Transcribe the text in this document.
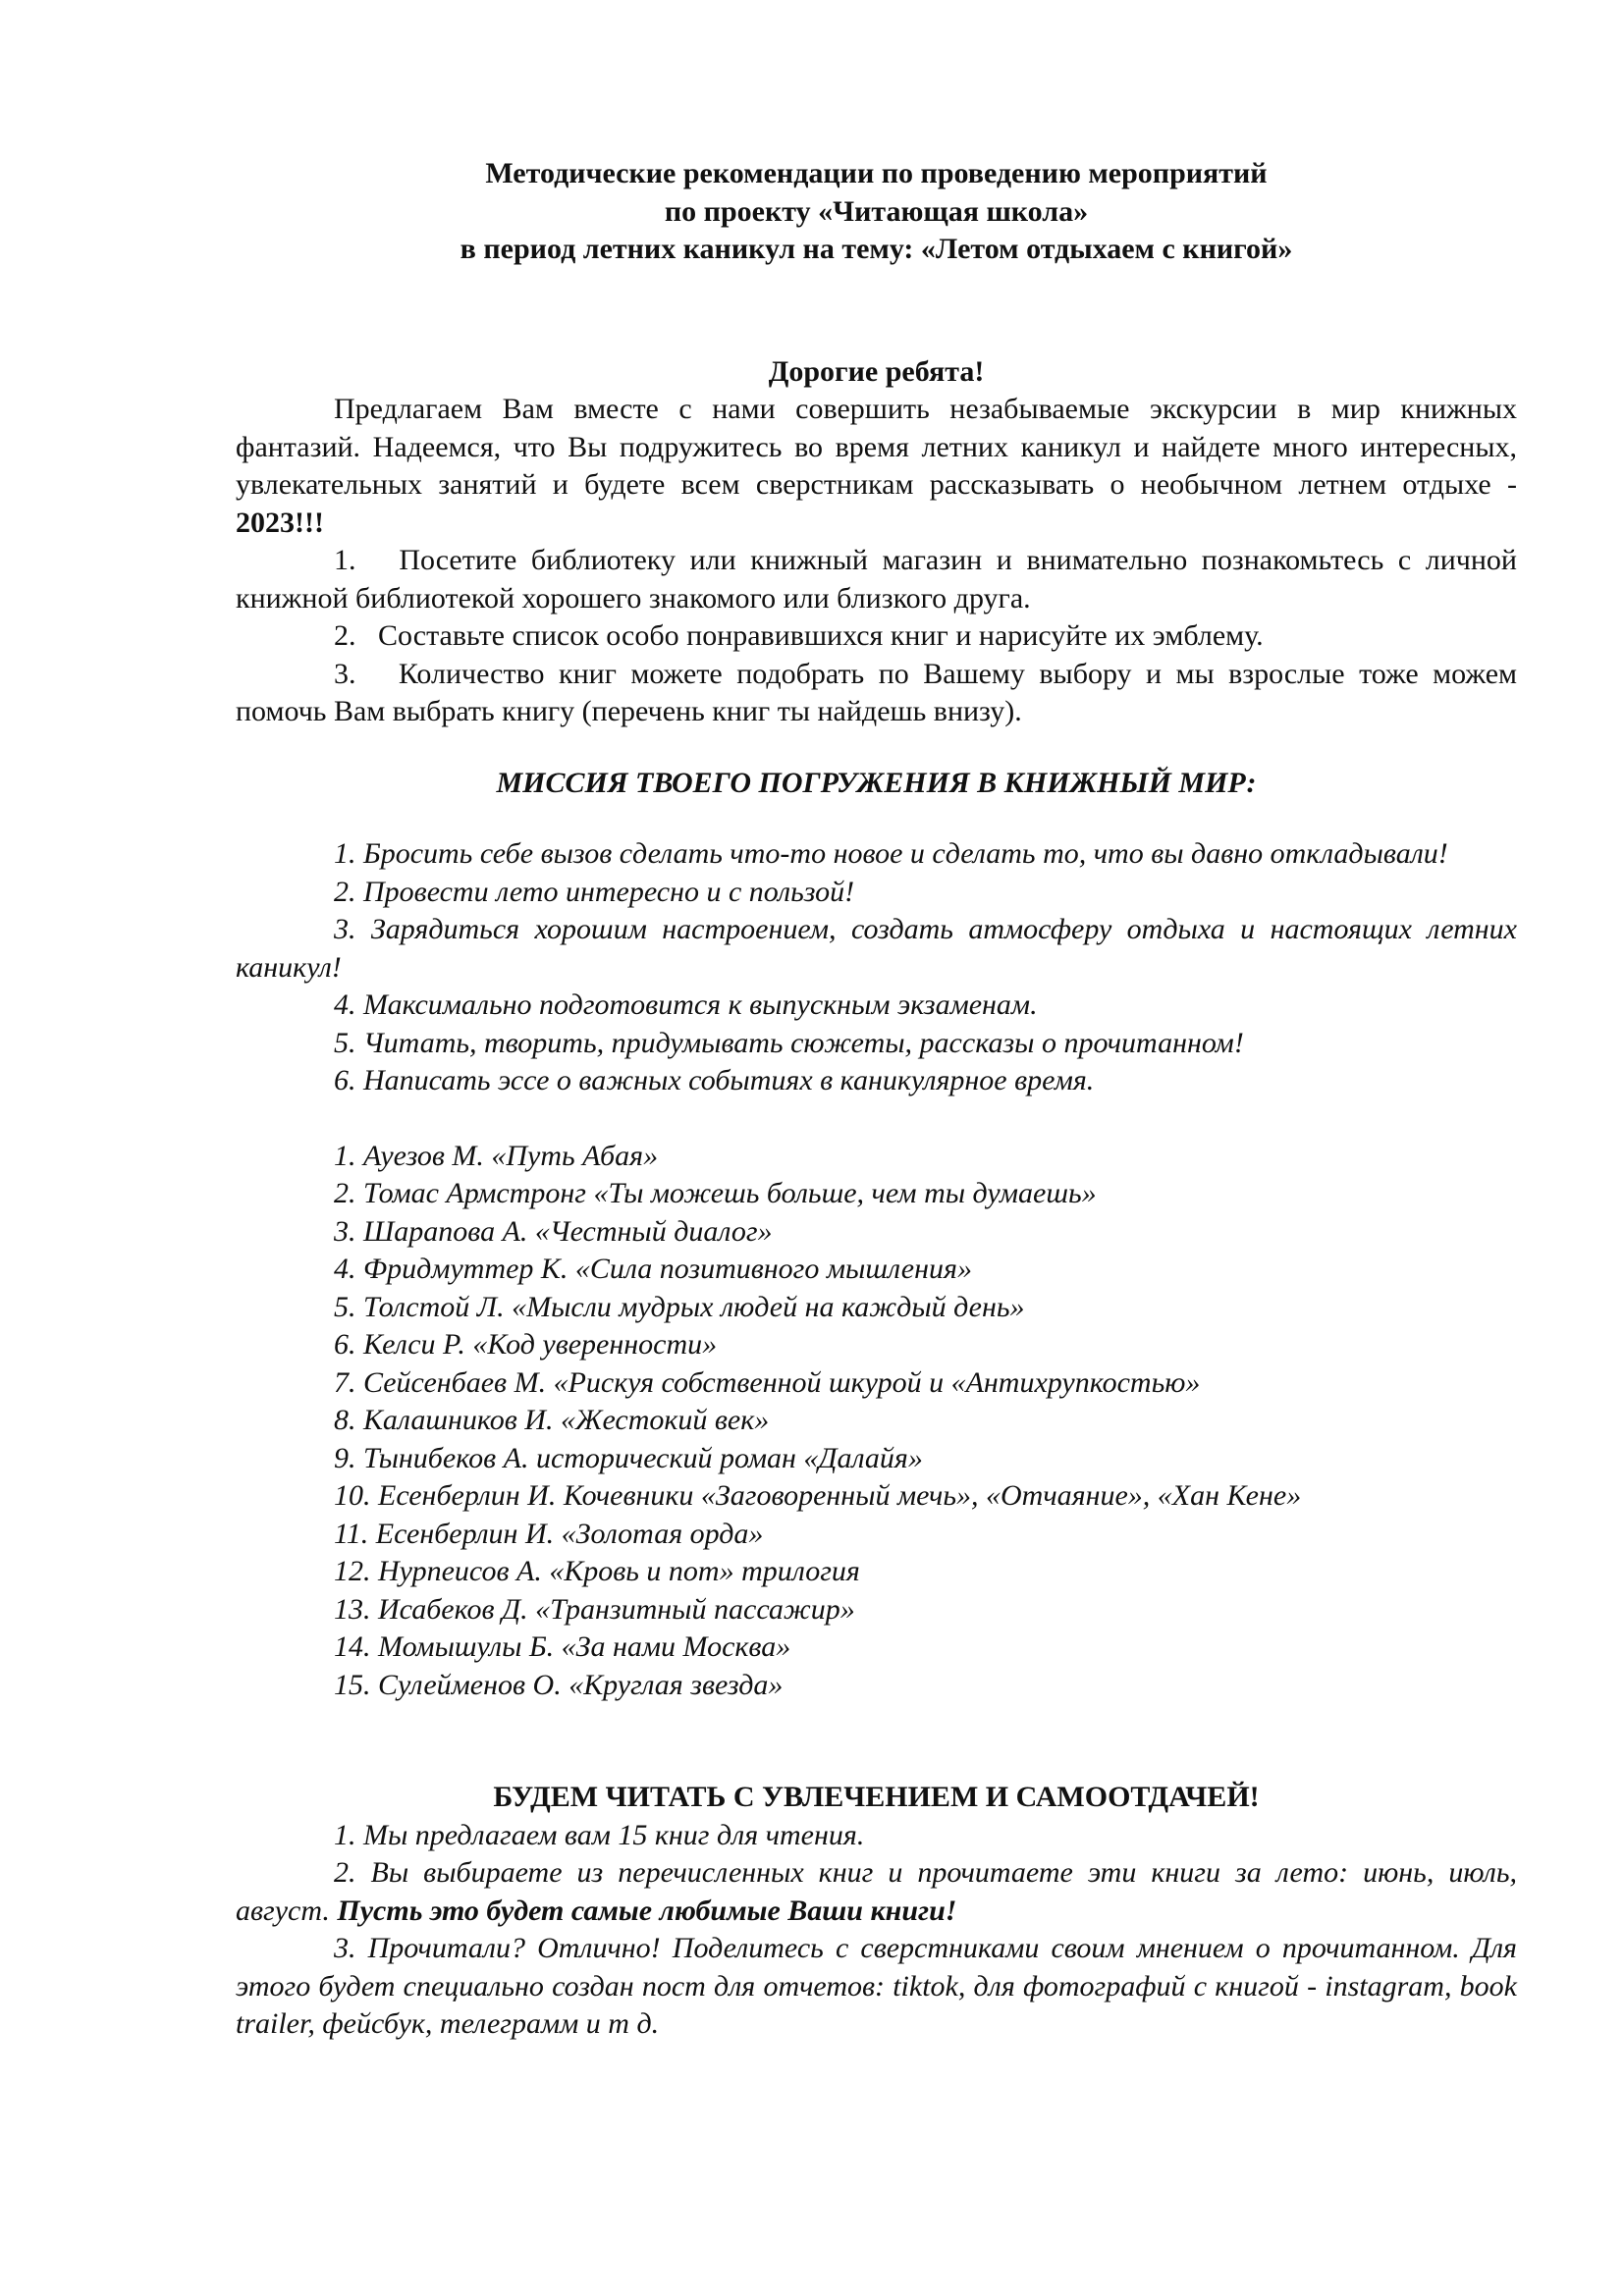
Методические рекомендации по проведению мероприятий

по проекту «Читающая школа»

в период летних каникул на тему: «Летом отдыхаем с книгой»

Дорогие ребята!

Предлагаем Вам вместе с нами совершить незабываемые экскурсии в мир книжных фантазий. Надеемся, что Вы подружитесь во время летних каникул и найдете много интересных, увлекательных занятий и будете всем сверстникам рассказывать о необычном летнем отдыхе - 2023!!!

1. Посетите библиотеку или книжный магазин и внимательно познакомьтесь с личной книжной библиотекой хорошего знакомого или близкого друга.

2. Составьте список особо понравившихся книг и нарисуйте их эмблему.

3. Количество книг можете подобрать по Вашему выбору и мы взрослые тоже можем помочь Вам выбрать книгу (перечень книг ты найдешь внизу).

МИССИЯ ТВОЕГО ПОГРУЖЕНИЯ В КНИЖНЫЙ МИР:

1. Бросить себе вызов сделать что-то новое и сделать то, что вы давно откладывали!

2. Провести лето интересно и с пользой!

3. Зарядиться хорошим настроением, создать атмосферу отдыха и настоящих летних каникул!

4. Максимально подготовится к выпускным экзаменам.

5. Читать, творить, придумывать сюжеты, рассказы о прочитанном!

6. Написать эссе о важных событиях в каникулярное время.

1. Ауезов М. «Путь Абая»
2. Томас Армстронг «Ты можешь больше, чем ты думаешь»
3. Шарапова А. «Честный диалог»
4. Фридмуттер К. «Сила позитивного мышления»
5. Толстой Л. «Мысли мудрых людей на каждый день»
6. Келси Р. «Код уверенности»
7. Сейсенбаев М. «Рискуя собственной шкурой и «Антихрупкостью»
8. Калашников И. «Жестокий век»
9. Тынибеков А. исторический роман «Далайя»
10. Есенберлин И. Кочевники «Заговоренный мечь», «Отчаяние», «Хан Кене»
11. Есенберлин И. «Золотая орда»
12. Нурпеисов А. «Кровь и пот» трилогия
13. Исабеков Д. «Транзитный пассажир»
14. Момышулы Б. «За нами Москва»
15. Сулейменов О. «Круглая звезда»

БУДЕМ ЧИТАТЬ С УВЛЕЧЕНИЕМ И САМООТДАЧЕЙ!

1. Мы предлагаем вам 15 книг для чтения.

2. Вы выбираете из перечисленных книг и прочитаете эти книги за лето: июнь, июль, август. Пусть это будет самые любимые Ваши книги!

3. Прочитали? Отлично! Поделитесь с сверстниками своим мнением о прочитанном. Для этого будет специально создан пост для отчетов: tiktok, для фотографий с книгой - instagram, book trailer, фейсбук, телеграмм и т д.
